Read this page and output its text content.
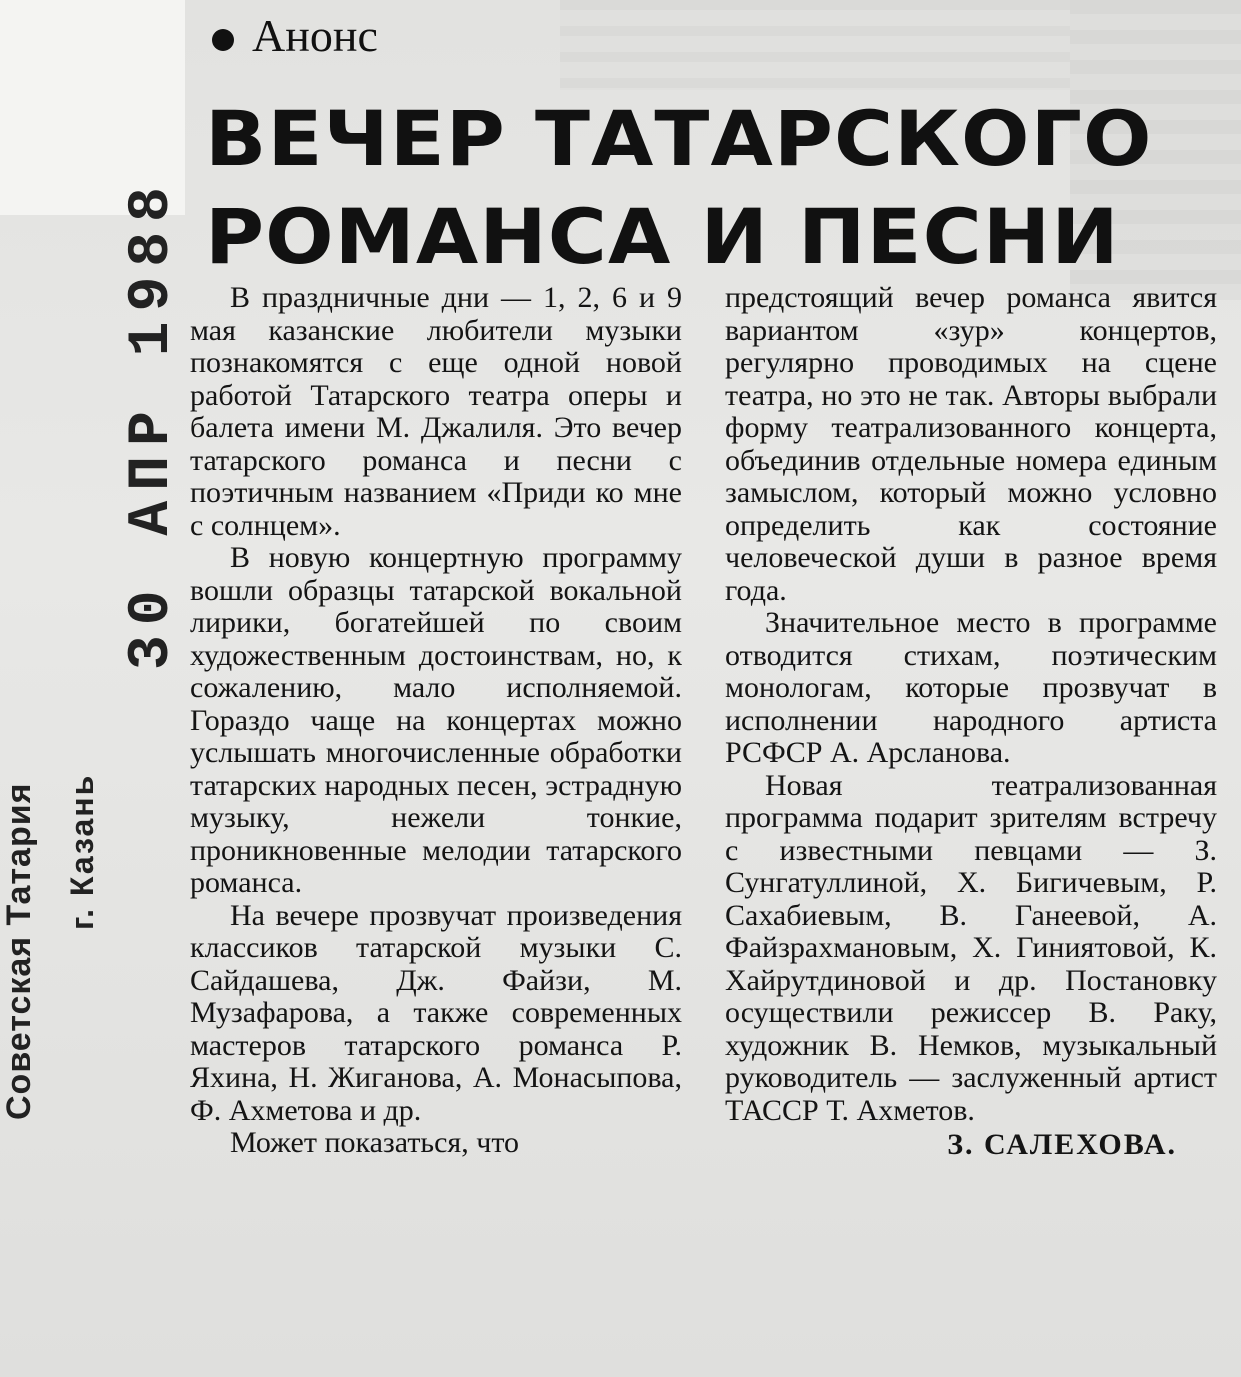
Анонс
ВЕЧЕР ТАТАРСКОГО
РОМАНСА И ПЕСНИ
30 АПР 1988
Советская Татария г. Казань

В праздничные дни — 1, 2, 6 и 9 мая казанские любители музыки познакомятся с еще одной новой работой Татарского театра оперы и балета имени М. Джалиля. Это вечер татарского романса и песни с поэтичным названием «Приди ко мне с солнцем».

В новую концертную программу вошли образцы татарской вокальной лирики, богатейшей по своим художественным достоинствам, но, к сожалению, мало исполняемой. Гораздо чаще на концертах можно услышать многочисленные обработки татарских народных песен, эстрадную музыку, нежели тонкие, проникновенные мелодии татарского романса.

На вечере прозвучат произведения классиков татарской музыки С. Сайдашева, Дж. Файзи, М. Музафарова, а также современных мастеров татарского романса Р. Яхина, Н. Жиганова, А. Монасыпова, Ф. Ахметова и др.

Может показаться, что

предстоящий вечер романса явится вариантом «зур» концертов, регулярно проводимых на сцене театра, но это не так. Авторы выбрали форму театрализованного концерта, объединив отдельные номера единым замыслом, который можно условно определить как состояние человеческой души в разное время года.

Значительное место в программе отводится стихам, поэтическим монологам, которые прозвучат в исполнении народного артиста РСФСР А. Арсланова.

Новая театрализованная программа подарит зрителям встречу с известными певцами — З. Сунгатуллиной, Х. Бигичевым, Р. Сахабиевым, В. Ганеевой, А. Файзрахмановым, Х. Гиниятовой, К. Хайрутдиновой и др. Постановку осуществили режиссер В. Раку, художник В. Немков, музыкальный руководитель — заслуженный артист ТАССР Т. Ахметов.

З. САЛЕХОВА.
